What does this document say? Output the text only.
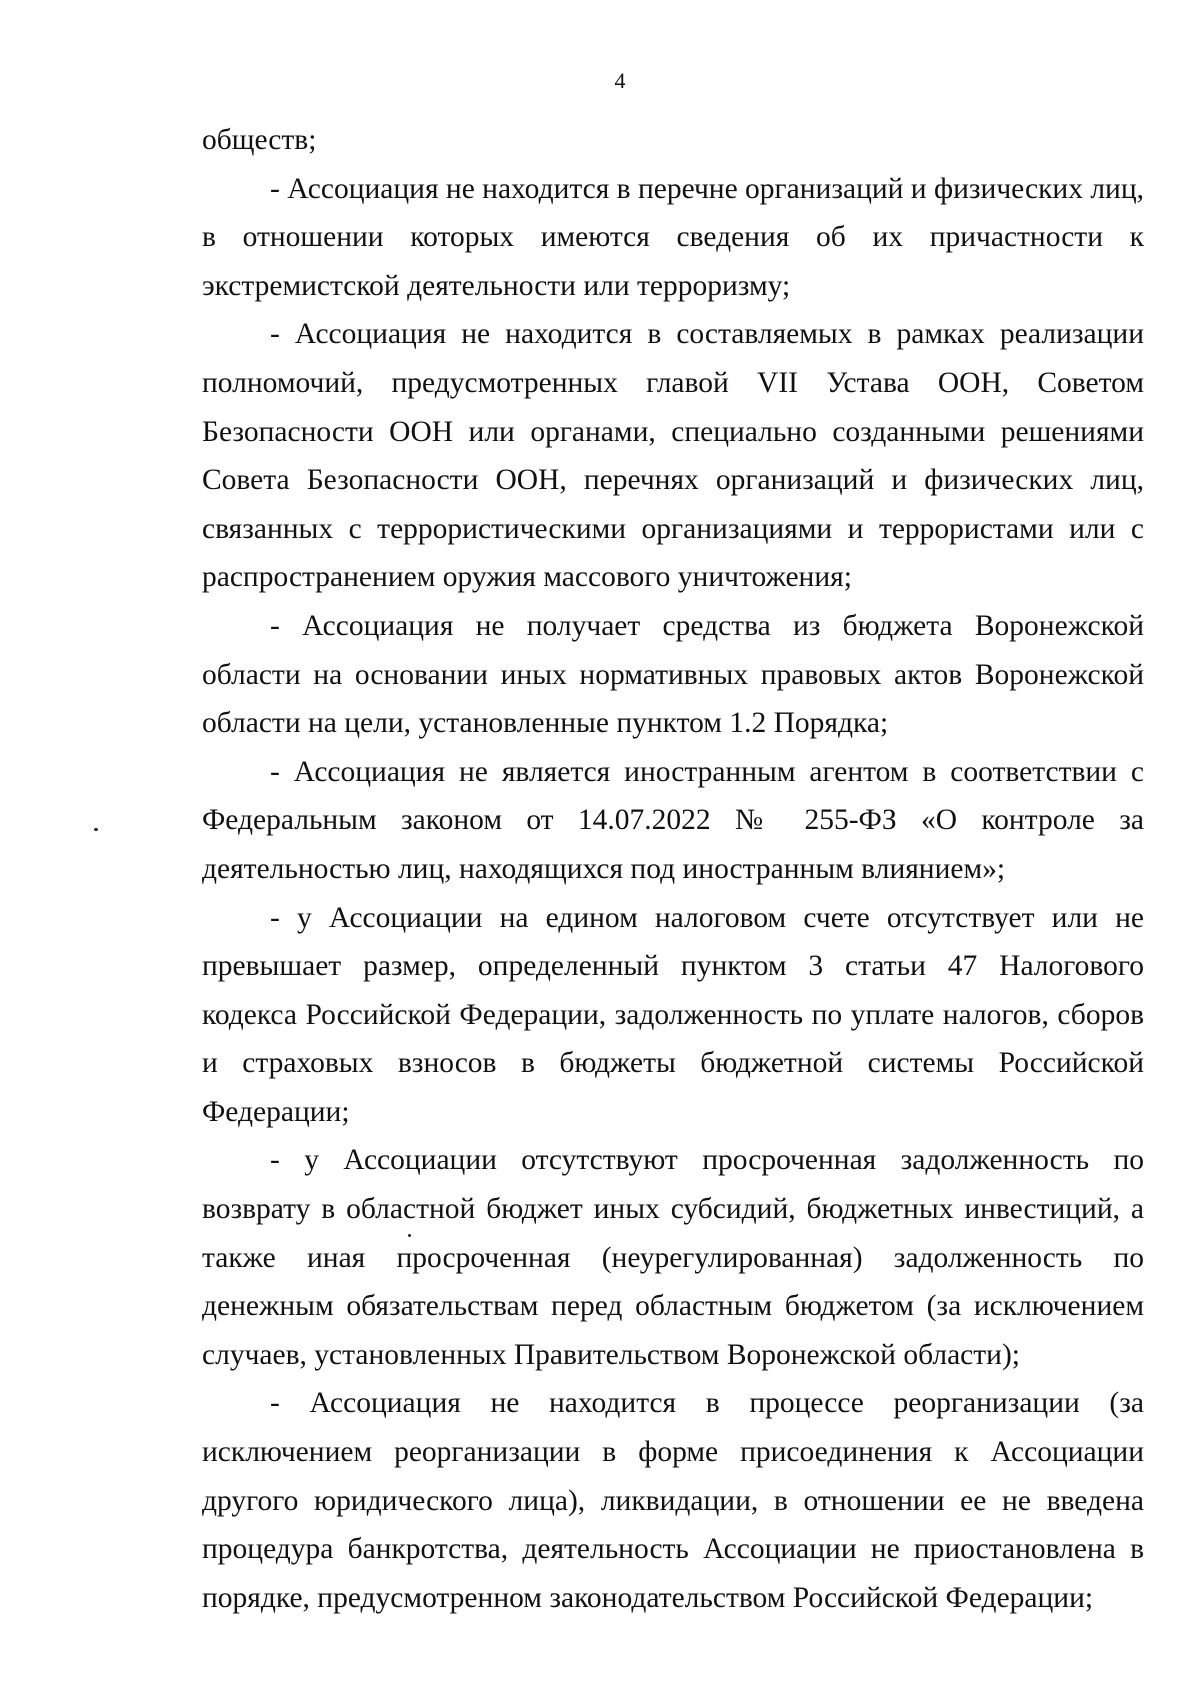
4

обществ;

- Ассоциация не находится в перечне организаций и физических лиц, в отношении которых имеются сведения об их причастности к экстремистской деятельности или терроризму;

- Ассоциация не находится в составляемых в рамках реализации полномочий, предусмотренных главой VII Устава ООН, Советом Безопасности ООН или органами, специально созданными решениями Совета Безопасности ООН, перечнях организаций и физических лиц, связанных с террористическими организациями и террористами или с распространением оружия массового уничтожения;

- Ассоциация не получает средства из бюджета Воронежской области на основании иных нормативных правовых актов Воронежской области на цели, установленные пунктом 1.2 Порядка;

- Ассоциация не является иностранным агентом в соответствии с Федеральным законом от 14.07.2022 № 255-ФЗ «О контроле за деятельностью лиц, находящихся под иностранным влиянием»;

- у Ассоциации на едином налоговом счете отсутствует или не превышает размер, определенный пунктом 3 статьи 47 Налогового кодекса Российской Федерации, задолженность по уплате налогов, сборов и страховых взносов в бюджеты бюджетной системы Российской Федерации;

- у Ассоциации отсутствуют просроченная задолженность по возврату в областной бюджет иных субсидий, бюджетных инвестиций, а также иная просроченная (неурегулированная) задолженность по денежным обязательствам перед областным бюджетом (за исключением случаев, установленных Правительством Воронежской области);

- Ассоциация не находится в процессе реорганизации (за исключением реорганизации в форме присоединения к Ассоциации другого юридического лица), ликвидации, в отношении ее не введена процедура банкротства, деятельность Ассоциации не приостановлена в порядке, предусмотренном законодательством Российской Федерации;
